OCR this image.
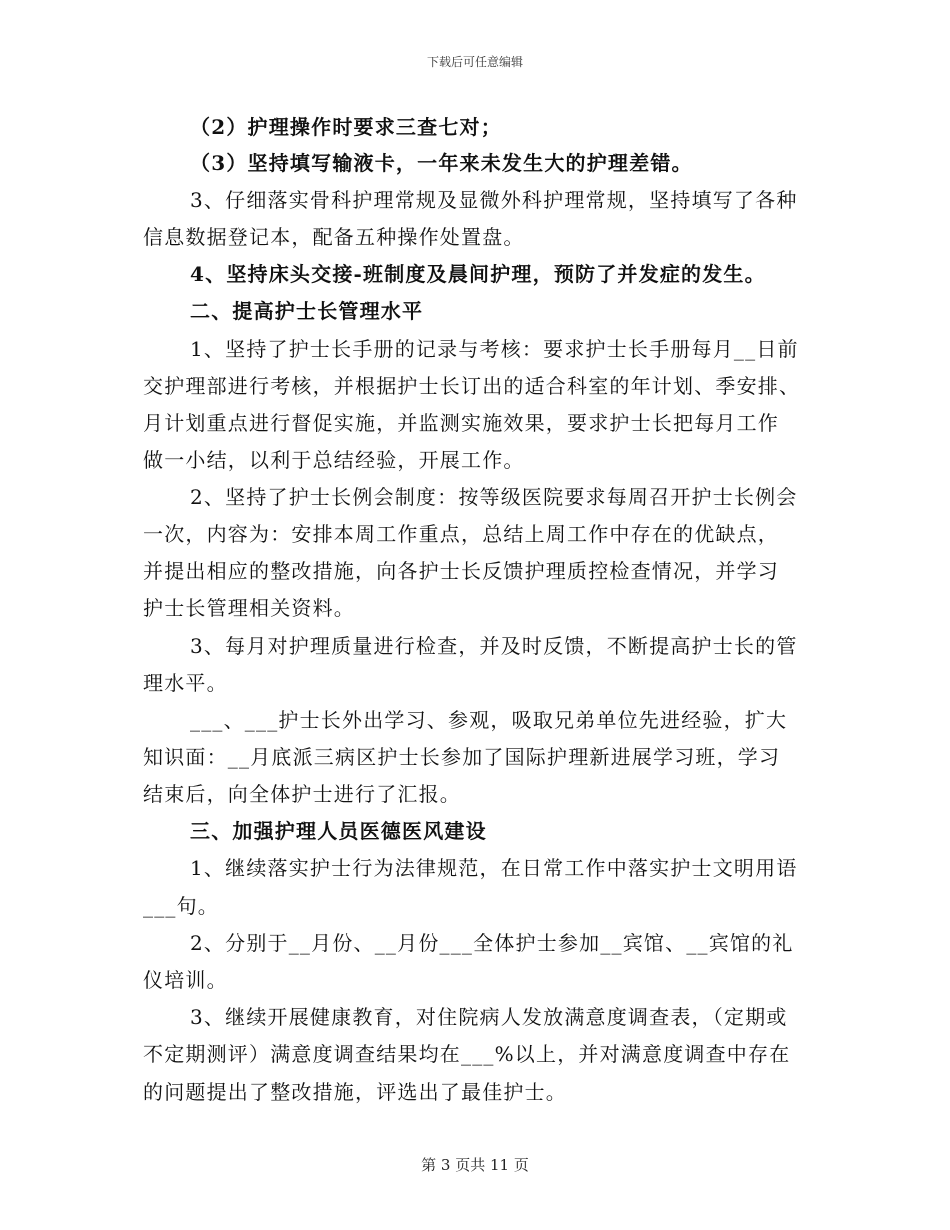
下载后可任意编辑
（2）护理操作时要求三查七对；
（3）坚持填写输液卡，一年来未发生大的护理差错。
3、仔细落实骨科护理常规及显微外科护理常规，坚持填写了各种
信息数据登记本，配备五种操作处置盘。
4、坚持床头交接-班制度及晨间护理，预防了并发症的发生。
二、提高护士长管理水平
1、坚持了护士长手册的记录与考核：要求护士长手册每月__日前
交护理部进行考核，并根据护士长订出的适合科室的年计划、季安排、
月计划重点进行督促实施，并监测实施效果，要求护士长把每月工作
做一小结，以利于总结经验，开展工作。
2、坚持了护士长例会制度：按等级医院要求每周召开护士长例会
一次，内容为：安排本周工作重点，总结上周工作中存在的优缺点，
并提出相应的整改措施，向各护士长反馈护理质控检查情况，并学习
护士长管理相关资料。
3、每月对护理质量进行检查，并及时反馈，不断提高护士长的管
理水平。
___、___护士长外出学习、参观，吸取兄弟单位先进经验，扩大
知识面：__月底派三病区护士长参加了国际护理新进展学习班，学习
结束后，向全体护士进行了汇报。
三、加强护理人员医德医风建设
1、继续落实护士行为法律规范，在日常工作中落实护士文明用语
___句。
2、分别于__月份、__月份___全体护士参加__宾馆、__宾馆的礼
仪培训。
3、继续开展健康教育，对住院病人发放满意度调查表，（定期或
不定期测评）满意度调查结果均在___%以上，并对满意度调查中存在
的问题提出了整改措施，评选出了最佳护士。
第 3 页共 11 页
